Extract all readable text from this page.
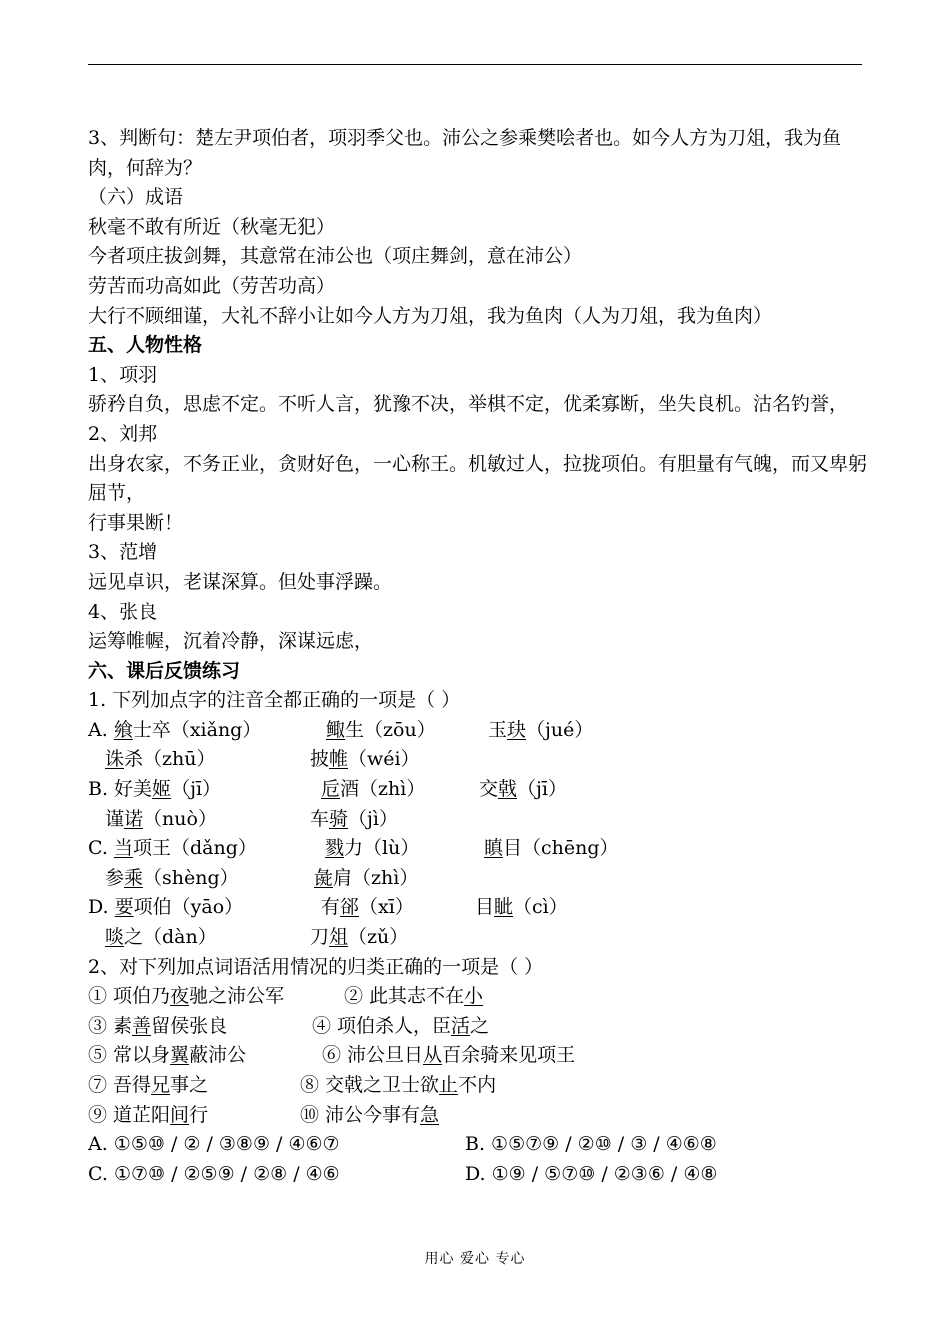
3、判断句：楚左尹项伯者，项羽季父也。沛公之参乘樊哙者也。如今人方为刀俎，我为鱼肉，何辞为？
（六）成语
秋毫不敢有所近（秋毫无犯）
今者项庄拔剑舞，其意常在沛公也（项庄舞剑，意在沛公）
劳苦而功高如此（劳苦功高）
大行不顾细谨，大礼不辞小让如今人方为刀俎，我为鱼肉（人为刀俎，我为鱼肉）
五、人物性格
1、项羽
骄矜自负，思虑不定。不听人言，犹豫不决，举棋不定，优柔寡断，坐失良机。沽名钓誉，
2、刘邦
出身农家，不务正业，贪财好色，一心称王。机敏过人，拉拢项伯。有胆量有气魄，而又卑躬屈节，
行事果断！
3、范增
远见卓识，老谋深算。但处事浮躁。
4、张良
运筹帷幄，沉着冷静，深谋远虑，
六、课后反馈练习
1. 下列加点字的注音全都正确的一项是（ ）
A. 飨士卒（xiǎng）	鲰生（zōu）	玉玦（jué）
诛杀（zhū）	披帷（wéi）
B. 好美姬（jī）	卮酒（zhì）	交戟（jī）
谨诺（nuò）	车骑（jì）
C. 当项王（dǎng）	戮力（lù）	瞋目（chēng）
参乘（shèng）	彘肩（zhì）
D. 要项伯（yāo）	有郤（xī）	目眦（cì）
啖之（dàn）	刀俎（zǔ）
2、对下列加点词语活用情况的归类正确的一项是（ ）
① 项伯乃夜驰之沛公军	② 此其志不在小
③ 素善留侯张良	④ 项伯杀人，臣活之
⑤ 常以身翼蔽沛公	⑥ 沛公旦日从百余骑来见项王
⑦ 吾得兄事之	⑧ 交戟之卫士欲止不内
⑨ 道芷阳间行	⑩ 沛公今事有急
A. ①⑤⑩ / ② / ③⑧⑨ / ④⑥⑦	B. ①⑤⑦⑨ / ②⑩ / ③ / ④⑥⑧
C. ①⑦⑩ / ②⑤⑨ / ②⑧ / ④⑥	D. ①⑨ / ⑤⑦⑩ / ②③⑥ / ④⑧
用心 爱心 专心
